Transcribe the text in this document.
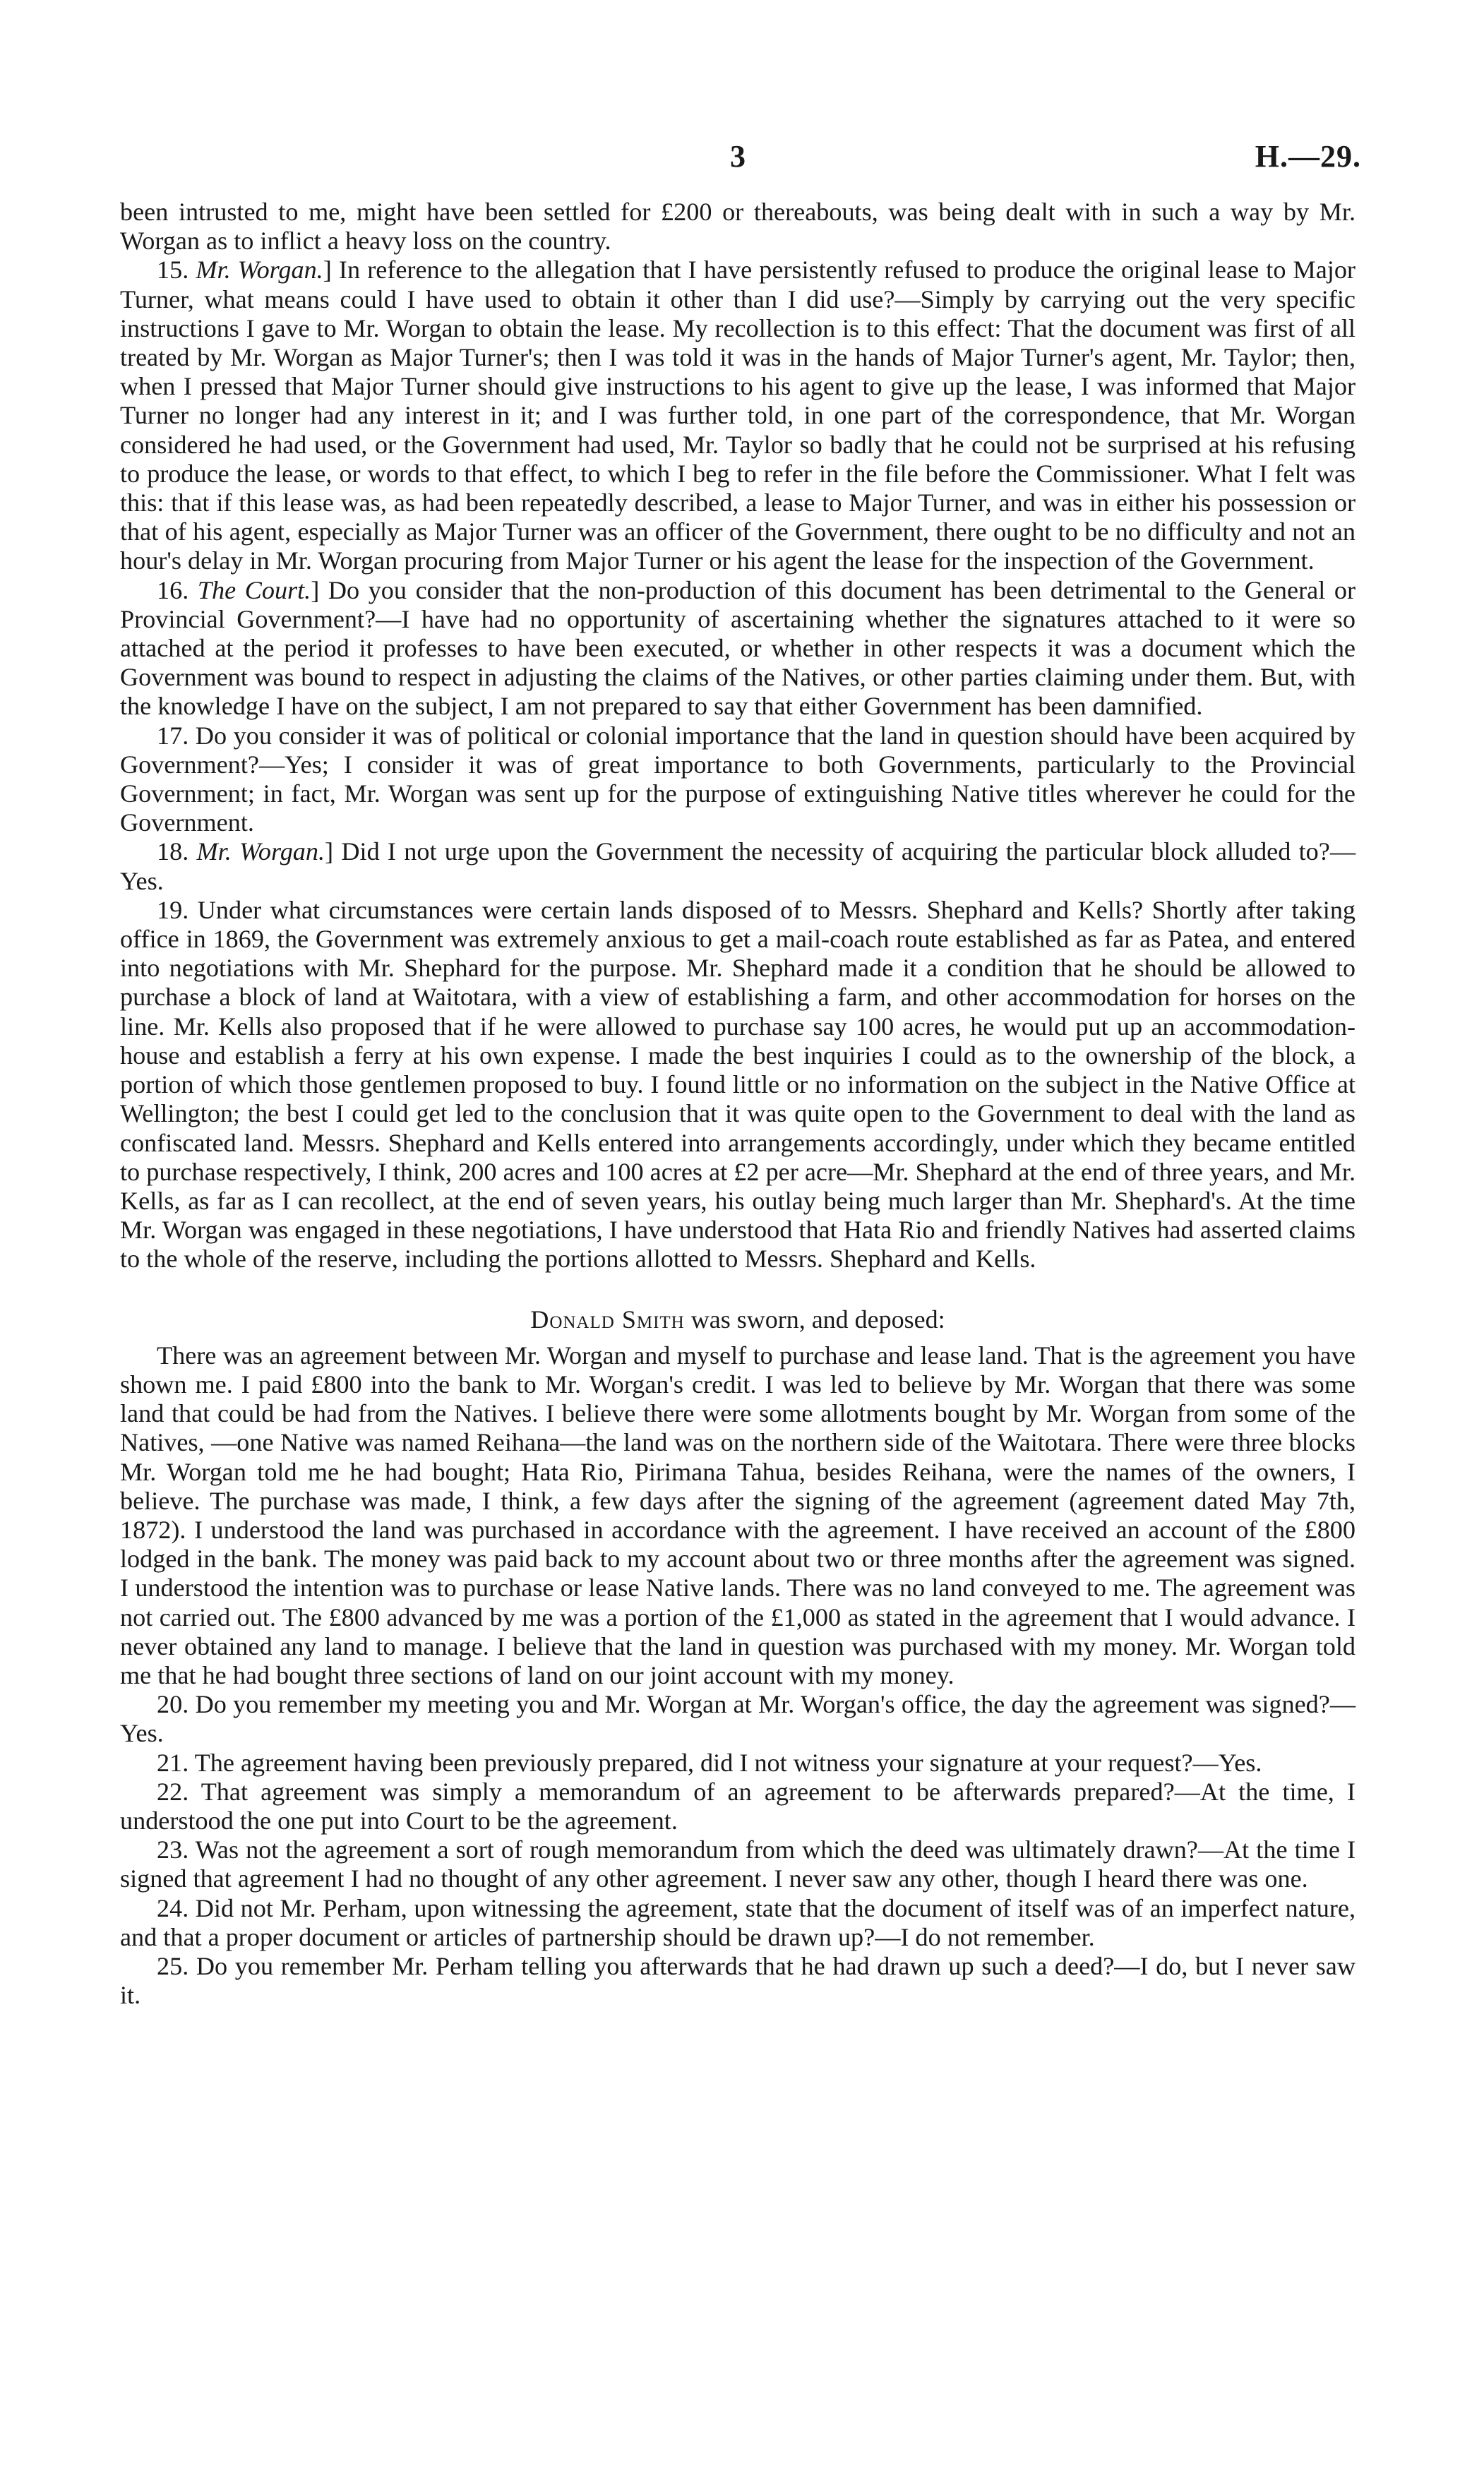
3	H.—29.

been intrusted to me, might have been settled for £200 or thereabouts, was being dealt with in such a way by Mr. Worgan as to inflict a heavy loss on the country.

15. Mr. Worgan.] In reference to the allegation that I have persistently refused to produce the original lease to Major Turner, what means could I have used to obtain it other than I did use?—Simply by carrying out the very specific instructions I gave to Mr. Worgan to obtain the lease. My recollection is to this effect: That the document was first of all treated by Mr. Worgan as Major Turner's; then I was told it was in the hands of Major Turner's agent, Mr. Taylor; then, when I pressed that Major Turner should give instructions to his agent to give up the lease, I was informed that Major Turner no longer had any interest in it; and I was further told, in one part of the correspondence, that Mr. Worgan considered he had used, or the Government had used, Mr. Taylor so badly that he could not be surprised at his refusing to produce the lease, or words to that effect, to which I beg to refer in the file before the Commissioner. What I felt was this: that if this lease was, as had been repeatedly described, a lease to Major Turner, and was in either his possession or that of his agent, especially as Major Turner was an officer of the Government, there ought to be no difficulty and not an hour's delay in Mr. Worgan procuring from Major Turner or his agent the lease for the inspection of the Government.

16. The Court.] Do you consider that the non-production of this document has been detrimental to the General or Provincial Government?—I have had no opportunity of ascertaining whether the signatures attached to it were so attached at the period it professes to have been executed, or whether in other respects it was a document which the Government was bound to respect in adjusting the claims of the Natives, or other parties claiming under them. But, with the knowledge I have on the subject, I am not prepared to say that either Government has been damnified.

17. Do you consider it was of political or colonial importance that the land in question should have been acquired by Government?—Yes; I consider it was of great importance to both Governments, particularly to the Provincial Government; in fact, Mr. Worgan was sent up for the purpose of extinguishing Native titles wherever he could for the Government.

18. Mr. Worgan.] Did I not urge upon the Government the necessity of acquiring the particular block alluded to?—Yes.

19. Under what circumstances were certain lands disposed of to Messrs. Shephard and Kells? Shortly after taking office in 1869, the Government was extremely anxious to get a mail-coach route established as far as Patea, and entered into negotiations with Mr. Shephard for the purpose. Mr. Shephard made it a condition that he should be allowed to purchase a block of land at Waitotara, with a view of establishing a farm, and other accommodation for horses on the line. Mr. Kells also proposed that if he were allowed to purchase say 100 acres, he would put up an accommodation-house and establish a ferry at his own expense. I made the best inquiries I could as to the ownership of the block, a portion of which those gentlemen proposed to buy. I found little or no information on the subject in the Native Office at Wellington; the best I could get led to the conclusion that it was quite open to the Government to deal with the land as confiscated land. Messrs. Shephard and Kells entered into arrangements accordingly, under which they became entitled to purchase respectively, I think, 200 acres and 100 acres at £2 per acre—Mr. Shephard at the end of three years, and Mr. Kells, as far as I can recollect, at the end of seven years, his outlay being much larger than Mr. Shephard's. At the time Mr. Worgan was engaged in these negotiations, I have understood that Hata Rio and friendly Natives had asserted claims to the whole of the reserve, including the portions allotted to Messrs. Shephard and Kells.

Donald Smith was sworn, and deposed:

There was an agreement between Mr. Worgan and myself to purchase and lease land. That is the agreement you have shown me. I paid £800 into the bank to Mr. Worgan's credit. I was led to believe by Mr. Worgan that there was some land that could be had from the Natives. I believe there were some allotments bought by Mr. Worgan from some of the Natives, —one Native was named Reihana—the land was on the northern side of the Waitotara. There were three blocks Mr. Worgan told me he had bought; Hata Rio, Pirimana Tahua, besides Reihana, were the names of the owners, I believe. The purchase was made, I think, a few days after the signing of the agreement (agreement dated May 7th, 1872). I understood the land was purchased in accordance with the agreement. I have received an account of the £800 lodged in the bank. The money was paid back to my account about two or three months after the agreement was signed. I understood the intention was to purchase or lease Native lands. There was no land conveyed to me. The agreement was not carried out. The £800 advanced by me was a portion of the £1,000 as stated in the agreement that I would advance. I never obtained any land to manage. I believe that the land in question was purchased with my money. Mr. Worgan told me that he had bought three sections of land on our joint account with my money.

20. Do you remember my meeting you and Mr. Worgan at Mr. Worgan's office, the day the agreement was signed?—Yes.

21. The agreement having been previously prepared, did I not witness your signature at your request?—Yes.

22. That agreement was simply a memorandum of an agreement to be afterwards prepared?—At the time, I understood the one put into Court to be the agreement.

23. Was not the agreement a sort of rough memorandum from which the deed was ultimately drawn?—At the time I signed that agreement I had no thought of any other agreement. I never saw any other, though I heard there was one.

24. Did not Mr. Perham, upon witnessing the agreement, state that the document of itself was of an imperfect nature, and that a proper document or articles of partnership should be drawn up?—I do not remember.

25. Do you remember Mr. Perham telling you afterwards that he had drawn up such a deed?—I do, but I never saw it.
